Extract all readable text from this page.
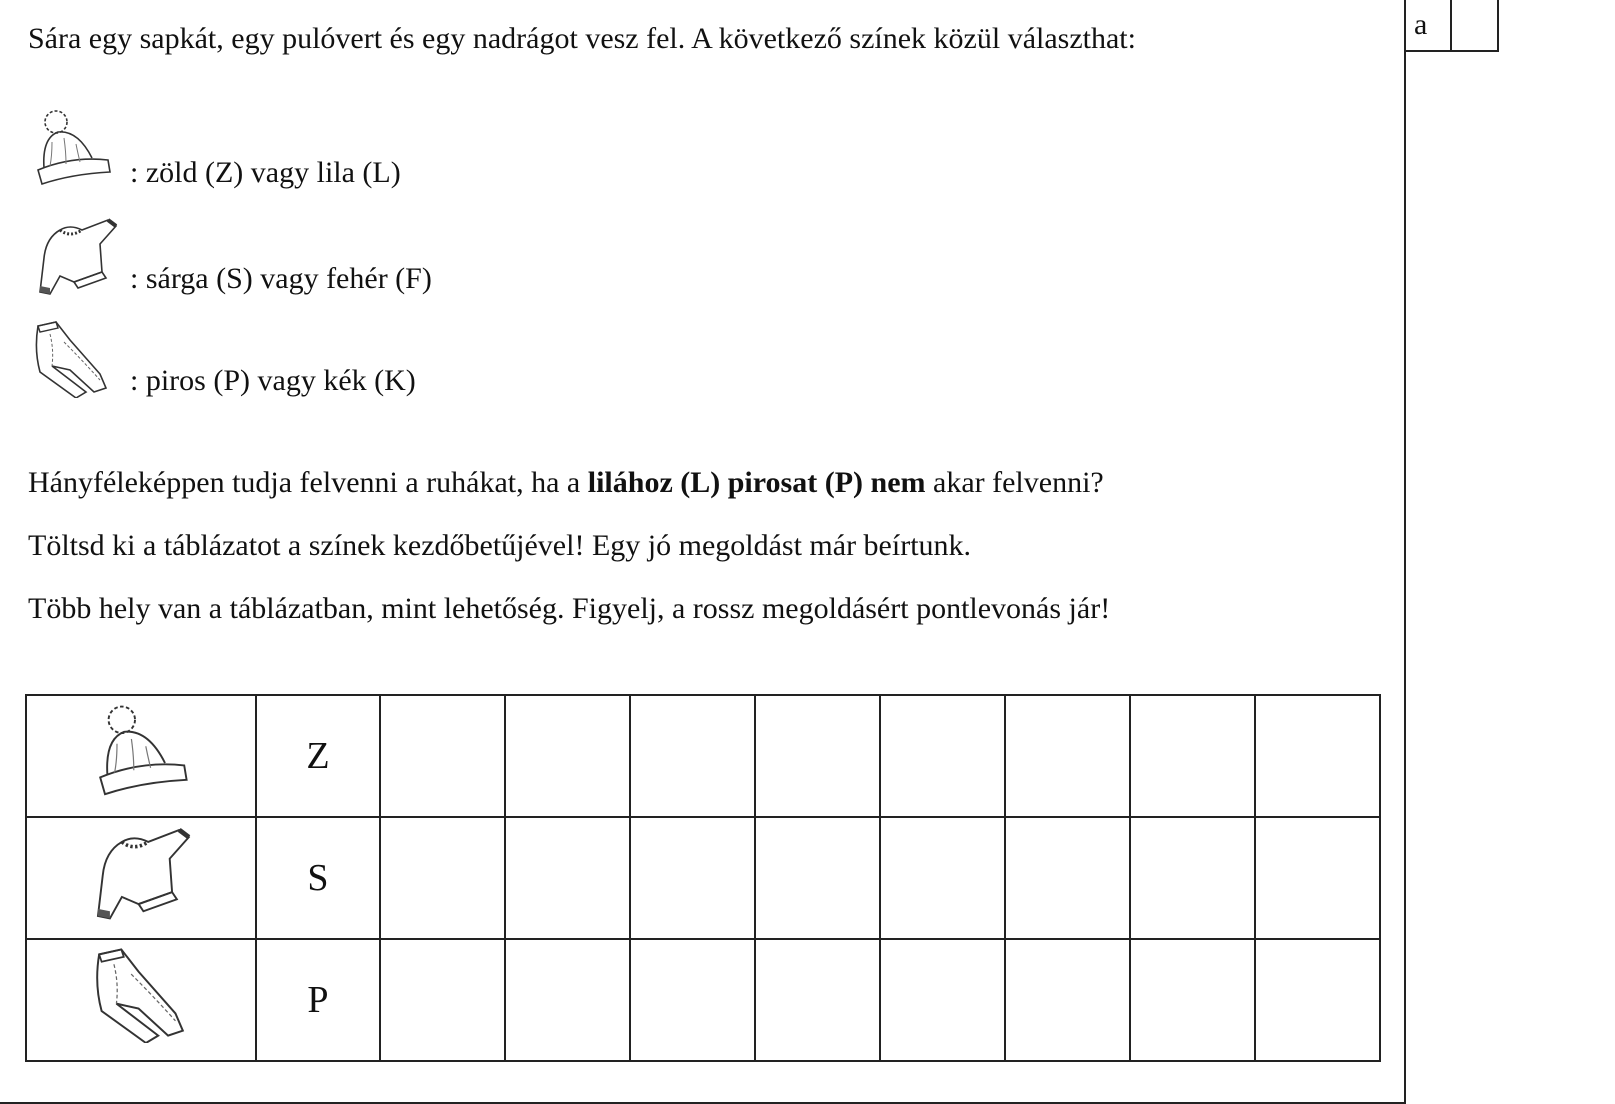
a
Sára egy sapkát, egy pulóvert és egy nadrágot vesz fel. A következő színek közül választhat:
: zöld (Z) vagy lila (L)
: sárga (S) vagy fehér (F)
: piros (P) vagy kék (K)
Hányféleképpen tudja felvenni a ruhákat, ha a lilához (L) pirosat (P) nem akar felvenni?
Töltsd ki a táblázatot a színek kezdőbetűjével! Egy jó megoldást már beírtunk.
Több hely van a táblázatban, mint lehetőség. Figyelj, a rossz megoldásért pontlevonás jár!
	Z								
	S								
	P								
